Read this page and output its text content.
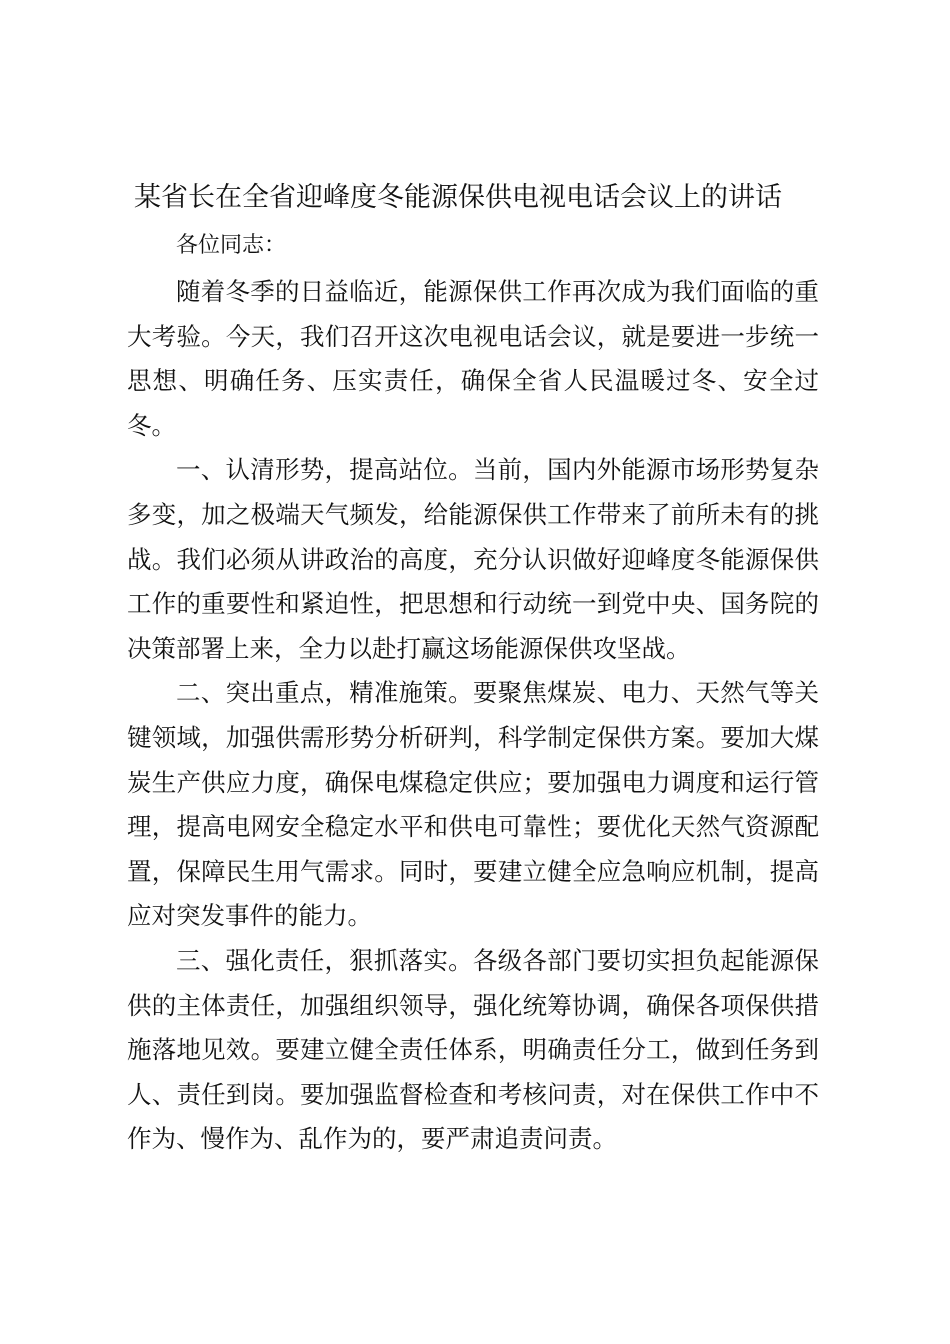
某省长在全省迎峰度冬能源保供电视电话会议上的讲话
各位同志：

随着冬季的日益临近，能源保供工作再次成为我们面临的重大考验。今天，我们召开这次电视电话会议，就是要进一步统一思想、明确任务、压实责任，确保全省人民温暖过冬、安全过冬。

一、认清形势，提高站位。当前，国内外能源市场形势复杂多变，加之极端天气频发，给能源保供工作带来了前所未有的挑战。我们必须从讲政治的高度，充分认识做好迎峰度冬能源保供工作的重要性和紧迫性，把思想和行动统一到党中央、国务院的决策部署上来，全力以赴打赢这场能源保供攻坚战。

二、突出重点，精准施策。要聚焦煤炭、电力、天然气等关键领域，加强供需形势分析研判，科学制定保供方案。要加大煤炭生产供应力度，确保电煤稳定供应；要加强电力调度和运行管理，提高电网安全稳定水平和供电可靠性；要优化天然气资源配置，保障民生用气需求。同时，要建立健全应急响应机制，提高应对突发事件的能力。

三、强化责任，狠抓落实。各级各部门要切实担负起能源保供的主体责任，加强组织领导，强化统筹协调，确保各项保供措施落地见效。要建立健全责任体系，明确责任分工，做到任务到人、责任到岗。要加强监督检查和考核问责，对在保供工作中不作为、慢作为、乱作为的，要严肃追责问责。
